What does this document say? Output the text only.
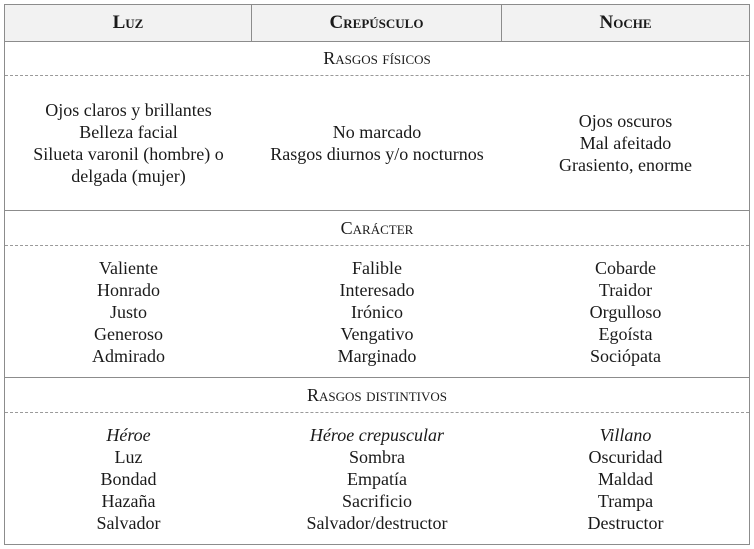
Luz	Crepúsculo	Noche
Rasgos físicos
Ojos claros y brillantes
Belleza facial
Silueta varonil (hombre) o
delgada (mujer)
No marcado
Rasgos diurnos y/o nocturnos
Ojos oscuros
Mal afeitado
Grasiento, enorme
Carácter
Valiente
Honrado
Justo
Generoso
Admirado
Falible
Interesado
Irónico
Vengativo
Marginado
Cobarde
Traidor
Orgulloso
Egoísta
Sociópata
Rasgos distintivos
Héroe
Luz
Bondad
Hazaña
Salvador
Héroe crepuscular
Sombra
Empatía
Sacrificio
Salvador/destructor
Villano
Oscuridad
Maldad
Trampa
Destructor
